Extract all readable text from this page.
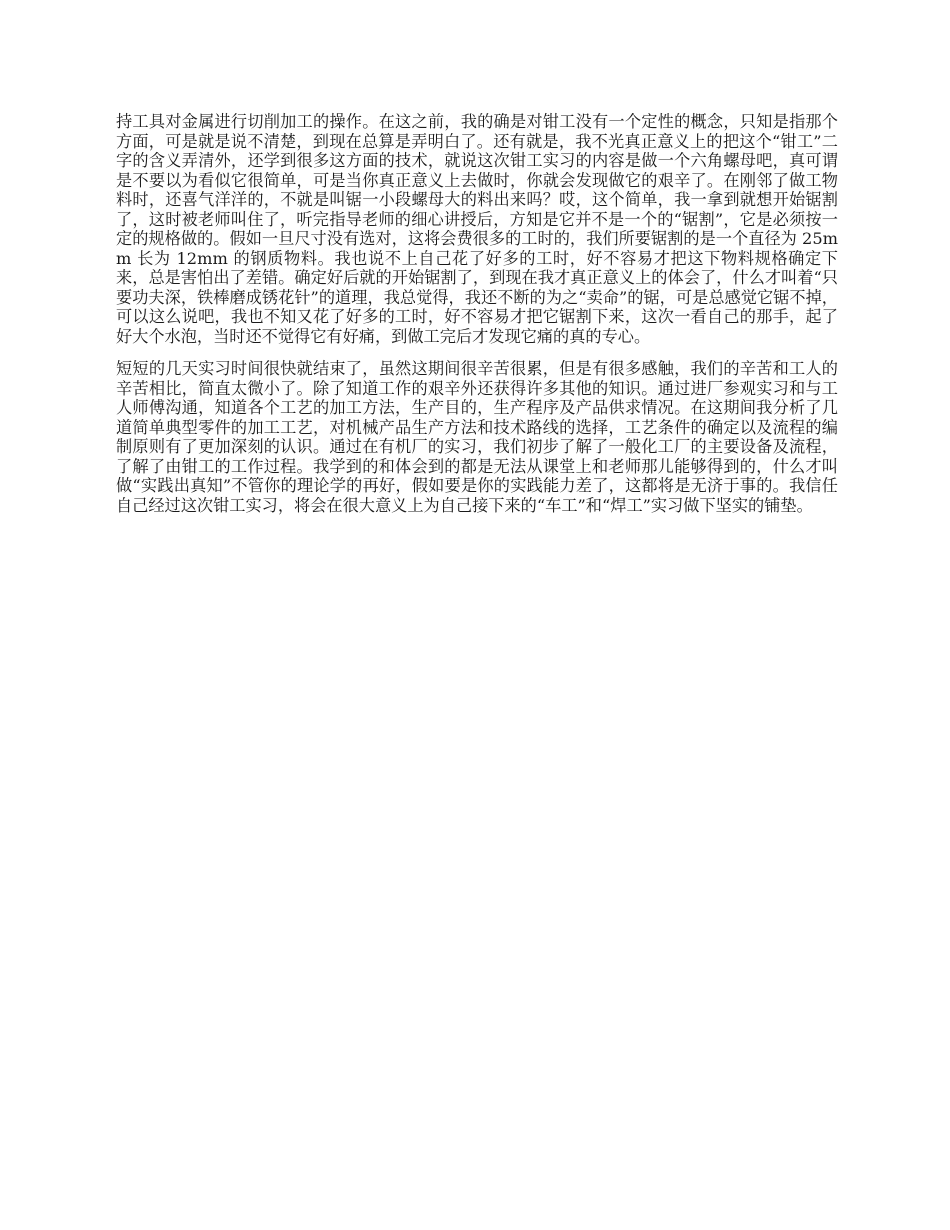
持工具对金属进行切削加工的操作。在这之前，我的确是对钳工没有一个定性的概念，只知是指那个方面，可是就是说不清楚，到现在总算是弄明白了。还有就是，我不光真正意义上的把这个“钳工”二字的含义弄清外，还学到很多这方面的技术，就说这次钳工实习的内容是做一个六角螺母吧，真可谓是不要以为看似它很简单，可是当你真正意义上去做时，你就会发现做它的艰辛了。在刚邻了做工物料时，还喜气洋洋的，不就是叫锯一小段螺母大的料出来吗？哎，这个简单，我一拿到就想开始锯割了，这时被老师叫住了，听完指导老师的细心讲授后，方知是它并不是一个的“锯割”，它是必须按一定的规格做的。假如一旦尺寸没有选对，这将会费很多的工时的，我们所要锯割的是一个直径为 25mm 长为 12mm 的钢质物料。我也说不上自己花了好多的工时，好不容易才把这下物料规格确定下来，总是害怕出了差错。确定好后就的开始锯割了，到现在我才真正意义上的体会了，什么才叫着“只要功夫深，铁棒磨成锈花针”的道理，我总觉得，我还不断的为之“卖命”的锯，可是总感觉它锯不掉，可以这么说吧，我也不知又花了好多的工时，好不容易才把它锯割下来，这次一看自己的那手，起了好大个水泡，当时还不觉得它有好痛，到做工完后才发现它痛的真的专心。

短短的几天实习时间很快就结束了，虽然这期间很辛苦很累，但是有很多感触，我们的辛苦和工人的辛苦相比，简直太微小了。除了知道工作的艰辛外还获得许多其他的知识。通过进厂参观实习和与工人师傅沟通，知道各个工艺的加工方法，生产目的，生产程序及产品供求情况。在这期间我分析了几道简单典型零件的加工工艺，对机械产品生产方法和技术路线的选择，工艺条件的确定以及流程的编制原则有了更加深刻的认识。通过在有机厂的实习，我们初步了解了一般化工厂的主要设备及流程，了解了由钳工的工作过程。我学到的和体会到的都是无法从课堂上和老师那儿能够得到的，什么才叫做“实践出真知”不管你的理论学的再好，假如要是你的实践能力差了，这都将是无济于事的。我信任自己经过这次钳工实习，将会在很大意义上为自己接下来的“车工”和“焊工”实习做下坚实的铺垫。
